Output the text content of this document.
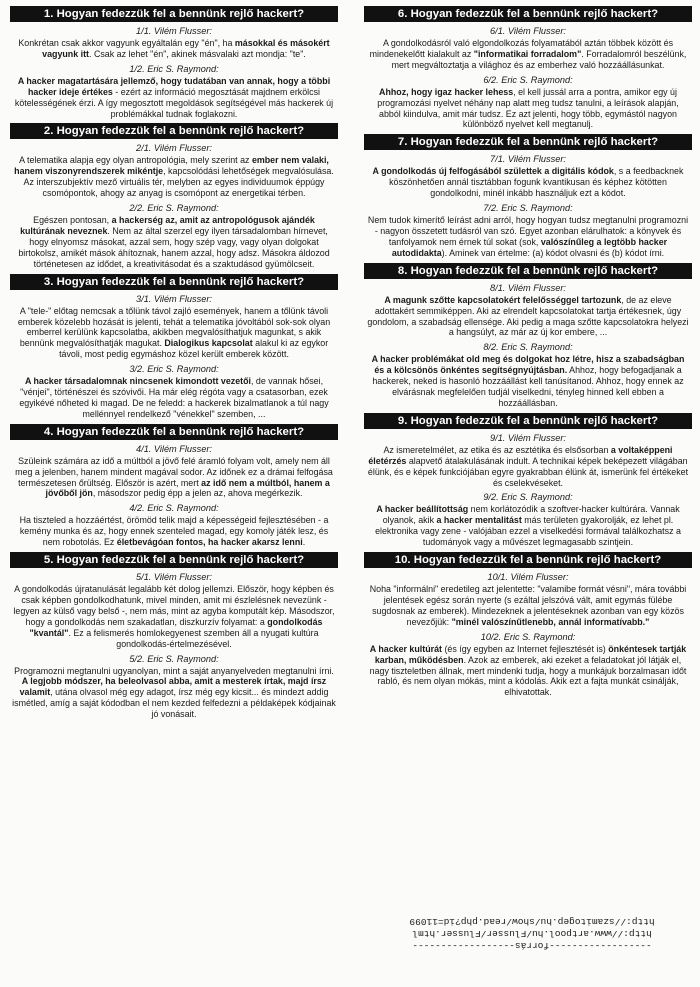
1. Hogyan fedezzük fel a bennünk rejlő hackert?
1/1. Vilém Flusser:
Konkrétan csak akkor vagyunk egyáltalán egy "én", ha másokkal és másokért vagyunk itt. Csak az lehet "én", akinek másvalaki azt mondja: "te".
1/2. Eric S. Raymond:
A hacker magatartására jellemző, hogy tudatában van annak, hogy a többi hacker ideje értékes - ezért az információ megosztását majdnem erkölcsi kötelességének érzi. A így megosztott megoldások segítségével más hackerek új problémákkal tudnak foglakozni.
2. Hogyan fedezzük fel a bennünk rejlő hackert?
2/1. Vilém Flusser:
A telematika alapja egy olyan antropológia, mely szerint az ember nem valaki, hanem viszonyrendszerek mikéntje, kapcsolódási lehetőségek megvalósulása. Az interszubjektív mező virtuális tér, melyben az egyes individuumok éppúgy csomópontok, ahogy az anyag is csomópont az energetikai térben.
2/2. Eric S. Raymond:
Egészen pontosan, a hackerség az, amit az antropológusok ajándék kultúrának neveznek. Nem az által szerzel egy ilyen társadalomban hírnevet, hogy elnyomsz másokat, azzal sem, hogy szép vagy, vagy olyan dolgokat birtokolsz, amikét mások áhítoznak, hanem azzal, hogy adsz. Másokra áldozod történetesen az idődet, a kreativitásodat és a szaktudásod gyümölcseit.
3. Hogyan fedezzük fel a bennünk rejlő hackert?
3/1. Vilém Flusser:
A "tele-" előtag nemcsak a tőlünk távol zajló események, hanem a tőlünk távoli emberek közelebb hozását is jelenti, tehát a telematika jóvoltából sok-sok olyan emberrel kerülünk kapcsolatba, akikben megvalósíthatjuk magunkat, s akik bennünk megvalósíthatják magukat. Dialogikus kapcsolat alakul ki az egykor távoli, most pedig egymáshoz közel került emberek között.
3/2. Eric S. Raymond:
A hacker társadalomnak nincsenek kimondott vezetői, de vannak hősei, "vénjei", történészei és szóvivői. Ha már elég régóta vagy a csatasorban, ezek egyikévé nőheted ki magad. De ne feledd: a hackerek bizalmatlanok a túl nagy mellénnyel rendelkező "vénekkel" szemben, ...
4. Hogyan fedezzük fel a bennünk rejlő hackert?
4/1. Vilém Flusser:
Szüleink számára az idő a múltból a jövő felé áramló folyam volt, amely nem áll meg a jelenben, hanem mindent magával sodor. Az időnek ez a drámai felfogása természetesen őrültség. Először is azért, mert az idő nem a múltból, hanem a jövőből jön, másodszor pedig épp a jelen az, ahova megérkezik.
4/2. Eric S. Raymond:
Ha tiszteled a hozzáértést, örömöd telik majd a képességeid fejlesztésében - a kemény munka és az, hogy ennek szenteled magad, egy komoly játék lesz, és nem robotolás. Ez életbevágóan fontos, ha hacker akarsz lenni.
5. Hogyan fedezzük fel a bennünk rejlő hackert?
5/1. Vilém Flusser:
A gondolkodás újratanulását legalább két dolog jellemzi. Először, hogy képben és csak képben gondolkodhatunk, mivel minden, amit mi észlelésnek nevezünk - legyen az külső vagy belső -, nem más, mint az agyba komputált kép. Másodszor, hogy a gondolkodás nem szakadatlan, diszkurzív folyamat: a gondolkodás "kvantál". Ez a felismerés homlokegyenest szemben áll a nyugati kultúra gondolkodás-értelmezésével.
5/2. Eric S. Raymond:
Programozni megtanulni ugyanolyan, mint a saját anyanyelveden megtanulni írni. A legjobb módszer, ha beleolvasol abba, amit a mesterek írtak, majd írsz valamit, utána olvasol még egy adagot, írsz még egy kicsit... és mindezt addig ismétled, amíg a saját kódodban el nem kezded felfedezni a példaképek kódjainak jó vonásait.
6. Hogyan fedezzük fel a bennünk rejlő hackert?
6/1. Vilém Flusser:
A gondolkodásról való elgondolkozás folyamatából aztán többek között és mindenekelőtt kialakult az "informatikai forradalom". Forradalomról beszélünk, mert megváltoztatja a világhoz és az emberhez való hozzáállásunkat.
6/2. Eric S. Raymond:
Ahhoz, hogy igaz hacker lehess, el kell jussál arra a pontra, amikor egy új programozási nyelvet néhány nap alatt meg tudsz tanulni, a leírások alapján, abból kiindulva, amit már tudsz. Ez azt jelenti, hogy több, egymástól nagyon különböző nyelvet kell megtanulj.
7. Hogyan fedezzük fel a bennünk rejlő hackert?
7/1. Vilém Flusser:
A gondolkodás új felfogásából születtek a digitális kódok, s a feedbacknek köszönhetően annál tisztábban fogunk kvantikusan és képhez kötötten gondolkodni, minél inkább használjuk ezt a kódot.
7/2. Eric S. Raymond:
Nem tudok kimerítő leírást adni arról, hogy hogyan tudsz megtanulni programozni - nagyon összetett tudásról van szó. Egyet azonban elárulhatok: a könyvek és tanfolyamok nem érnek túl sokat (sok, valószínűleg a legtöbb hacker autodidakta). Aminek van értelme: (a) kódot olvasni és (b) kódot írni.
8. Hogyan fedezzük fel a bennünk rejlő hackert?
8/1. Vilém Flusser:
A magunk szőtte kapcsolatokért felelősséggel tartozunk, de az eleve adottakért semmiképpen. Aki az elrendelt kapcsolatokat tartja értékesnek, úgy gondolom, a szabadság ellensége. Aki pedig a maga szőtte kapcsolatokra helyezi a hangsúlyt, az már az új kor embere, ...
8/2. Eric S. Raymond:
A hacker problémákat old meg és dolgokat hoz létre, hisz a szabadságban és a kölcsönös önkéntes segítségnyújtásban. Ahhoz, hogy befogadjanak a hackerek, neked is hasonló hozzáállást kell tanúsítanod. Ahhoz, hogy ennek az elvárásnak megfelelően tudjál viselkedni, tényleg hinned kell ebben a hozzáállásban.
9. Hogyan fedezzük fel a bennünk rejlő hackert?
9/1. Vilém Flusser:
Az ismeretelmélet, az etika és az esztétika és elsősorban a voltaképpeni életérzés alapvető átalakulásának indult. A technikai képek beképezett világában élünk, és e képek funkciójában egyre gyakrabban élünk át, ismerünk fel értékeket és cselekvéseket.
9/2. Eric S. Raymond:
A hacker beállítottság nem korlátozódik a szoftver-hacker kultúrára. Vannak olyanok, akik a hacker mentalitást más területen gyakorolják, ez lehet pl. elektronika vagy zene - valójában ezzel a viselkedési formával találkozhatsz a tudományok vagy a művészet legmagasabb szintjein.
10. Hogyan fedezzük fel a bennünk rejlő hackert?
10/1. Vilém Flusser:
Noha "informálni" eredetileg azt jelentette: "valamibe formát vésni", mára további jelentések egész során nyerte (s ezáltal jelszóvá vált, amit egymás fülébe sugdosnak az emberek). Mindezeknek a jelentéseknek azonban van egy közös nevezőjük: "minél valószínűtlenebb, annál informatívabb."
10/2. Eric S. Raymond:
A hacker kultúrát (és így egyben az Internet fejlesztését is) önkéntesek tartják karban, működésben. Azok az emberek, aki ezeket a feladatokat jól látják el, nagy tiszteletben állnak, mert mindenki tudja, hogy a munkájuk borzalmasan időt rabló, és nem olyan mókás, mint a kódolás. Akik ezt a fajta munkát csinálják, elhivatottak.
------------------forrás------------------
http://www.artpool.hu/Flusser/Flusser.html
http://szamitogep.hu/show/read.php?id=11099
